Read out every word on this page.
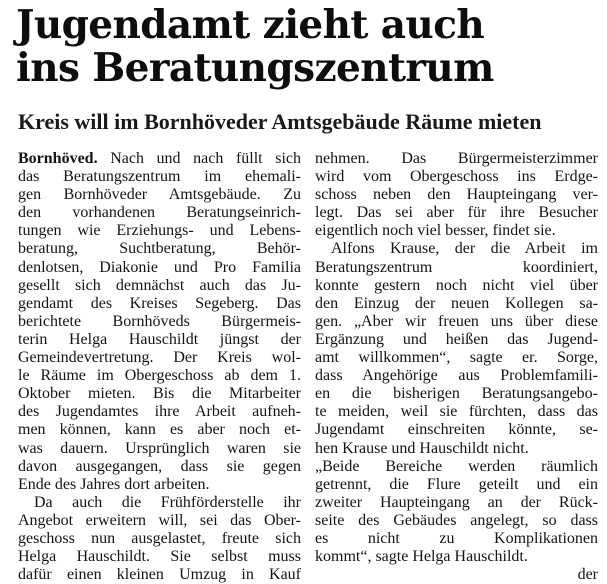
Jugendamt zieht auch
ins Beratungszentrum
Kreis will im Bornhöveder Amtsgebäude Räume mieten
Bornhöved. Nach und nach füllt sich
das Beratungszentrum im ehemali-
gen Bornhöveder Amtsgebäude. Zu
den vorhandenen Beratungseinrich-
tungen wie Erziehungs- und Lebens-
beratung, Suchtberatung, Behör-
denlotsen, Diakonie und Pro Familia
gesellt sich demnächst auch das Ju-
gendamt des Kreises Segeberg. Das
berichtete Bornhöveds Bürgermeis-
terin Helga Hauschildt jüngst der
Gemeindevertretung. Der Kreis wol-
le Räume im Obergeschoss ab dem 1.
Oktober mieten. Bis die Mitarbeiter
des Jugendamtes ihre Arbeit aufneh-
men können, kann es aber noch et-
was dauern. Ursprünglich waren sie
davon ausgegangen, dass sie gegen
Ende des Jahres dort arbeiten.
Da auch die Frühförderstelle ihr
Angebot erweitern will, sei das Ober-
geschoss nun ausgelastet, freute sich
Helga Hauschildt. Sie selbst muss
dafür einen kleinen Umzug in Kauf
nehmen. Das Bürgermeisterzimmer
wird vom Obergeschoss ins Erdge-
schoss neben den Haupteingang ver-
legt. Das sei aber für ihre Besucher
eigentlich noch viel besser, findet sie.
Alfons Krause, der die Arbeit im
Beratungszentrum koordiniert,
konnte gestern noch nicht viel über
den Einzug der neuen Kollegen sa-
gen. „Aber wir freuen uns über diese
Ergänzung und heißen das Jugend-
amt willkommen“, sagte er. Sorge,
dass Angehörige aus Problemfamili-
en die bisherigen Beratungsangebo-
te meiden, weil sie fürchten, dass das
Jugendamt einschreiten könnte, se-
hen Krause und Hauschildt nicht.
„Beide Bereiche werden räumlich
getrennt, die Flure geteilt und ein
zweiter Haupteingang an der Rück-
seite des Gebäudes angelegt, so dass
es nicht zu Komplikationen
kommt“, sagte Helga Hauschildt.
der
